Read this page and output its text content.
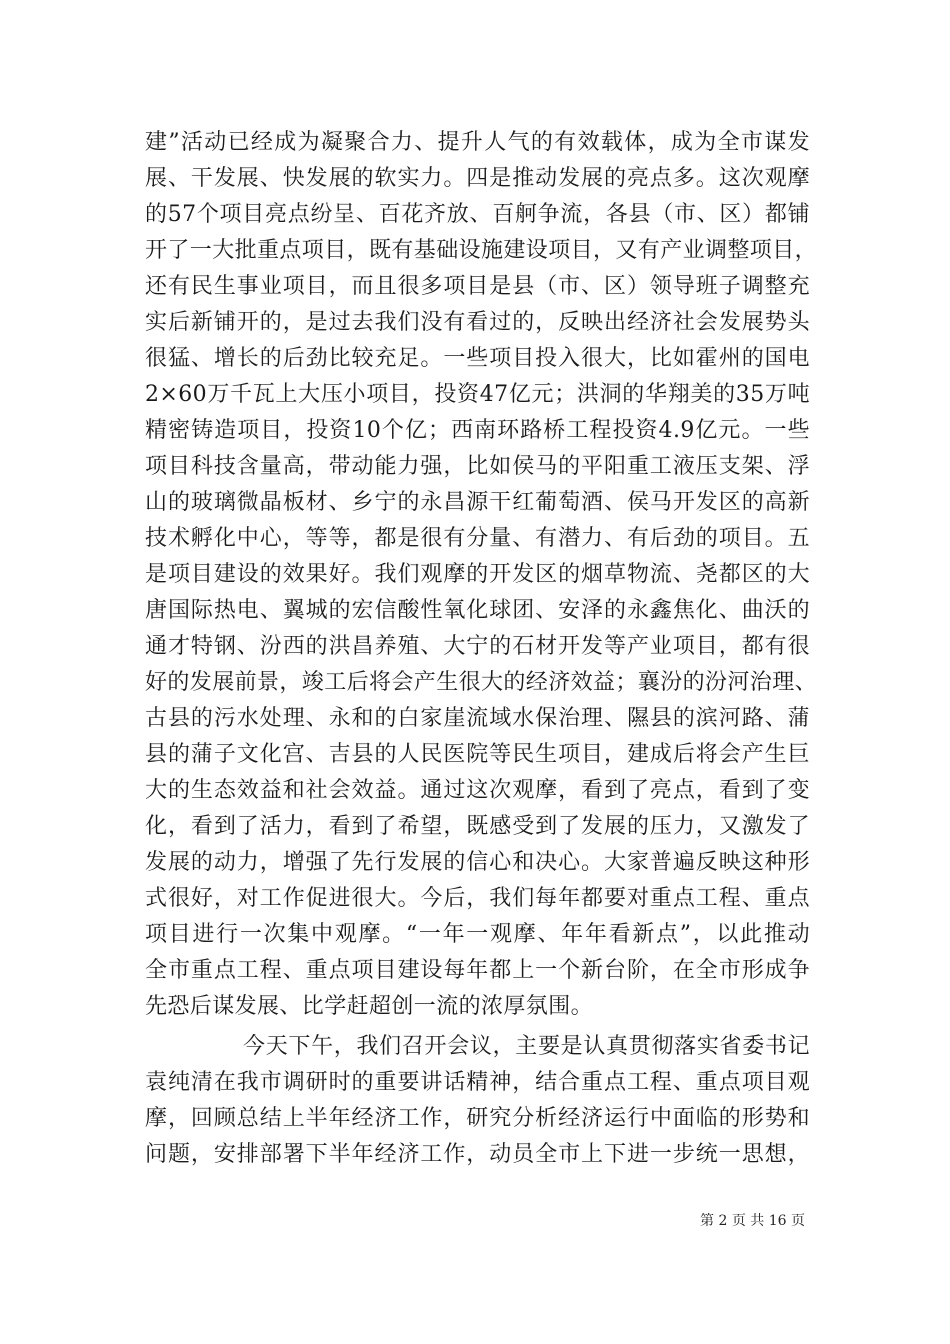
建”活动已经成为凝聚合力、提升人气的有效载体，成为全市谋发
展、干发展、快发展的软实力。四是推动发展的亮点多。这次观摩
的57个项目亮点纷呈、百花齐放、百舸争流，各县（市、区）都铺
开了一大批重点项目，既有基础设施建设项目，又有产业调整项目，
还有民生事业项目，而且很多项目是县（市、区）领导班子调整充
实后新铺开的，是过去我们没有看过的，反映出经济社会发展势头
很猛、增长的后劲比较充足。一些项目投入很大，比如霍州的国电
2×60万千瓦上大压小项目，投资47亿元；洪洞的华翔美的35万吨
精密铸造项目，投资10个亿；西南环路桥工程投资4.9亿元。一些
项目科技含量高，带动能力强，比如侯马的平阳重工液压支架、浮
山的玻璃微晶板材、乡宁的永昌源干红葡萄酒、侯马开发区的高新
技术孵化中心，等等，都是很有分量、有潜力、有后劲的项目。五
是项目建设的效果好。我们观摩的开发区的烟草物流、尧都区的大
唐国际热电、翼城的宏信酸性氧化球团、安泽的永鑫焦化、曲沃的
通才特钢、汾西的洪昌养殖、大宁的石材开发等产业项目，都有很
好的发展前景，竣工后将会产生很大的经济效益；襄汾的汾河治理、
古县的污水处理、永和的白家崖流域水保治理、隰县的滨河路、蒲
县的蒲子文化宫、吉县的人民医院等民生项目，建成后将会产生巨
大的生态效益和社会效益。通过这次观摩，看到了亮点，看到了变
化，看到了活力，看到了希望，既感受到了发展的压力，又激发了
发展的动力，增强了先行发展的信心和决心。大家普遍反映这种形
式很好，对工作促进很大。今后，我们每年都要对重点工程、重点
项目进行一次集中观摩。“一年一观摩、年年看新点”，以此推动
全市重点工程、重点项目建设每年都上一个新台阶，在全市形成争
先恐后谋发展、比学赶超创一流的浓厚氛围。
今天下午，我们召开会议，主要是认真贯彻落实省委书记
袁纯清在我市调研时的重要讲话精神，结合重点工程、重点项目观
摩，回顾总结上半年经济工作，研究分析经济运行中面临的形势和
问题，安排部署下半年经济工作，动员全市上下进一步统一思想，
第 2 页 共 16 页
